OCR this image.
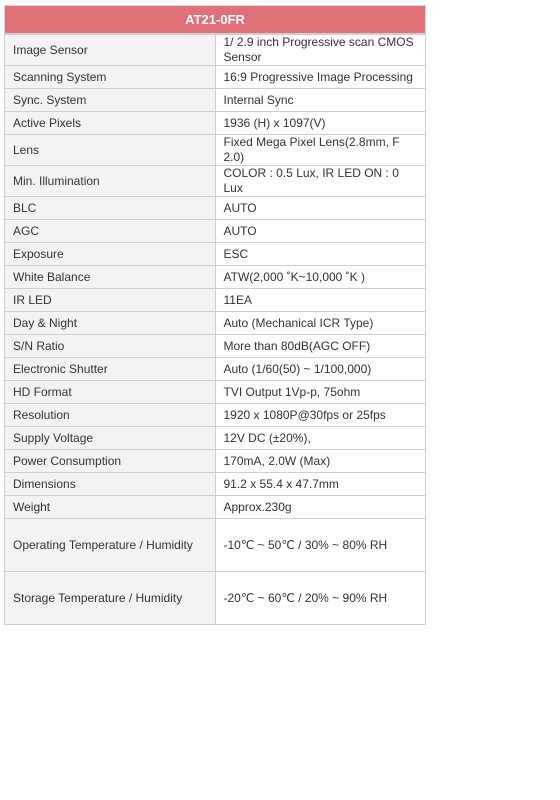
AT21-0FR	
Image Sensor	1/ 2.9 inch Progressive scan CMOS Sensor
Scanning System	16:9 Progressive Image Processing
Sync. System	Internal Sync
Active Pixels	1936 (H) x 1097(V)
Lens	Fixed Mega Pixel Lens(2.8mm, F 2.0)
Min. Illumination	COLOR : 0.5 Lux, IR LED ON : 0 Lux
BLC	AUTO
AGC	AUTO
Exposure	ESC
White Balance	ATW(2,000 ˚K~10,000 ˚K )
IR LED	11EA
Day & Night	Auto (Mechanical ICR Type)
S/N Ratio	More than 80dB(AGC OFF)
Electronic Shutter	Auto (1/60(50) ~ 1/100,000)
HD Format	TVI Output 1Vp-p, 75ohm
Resolution	1920 x 1080P@30fps or 25fps
Supply Voltage	12V DC (±20%),
Power Consumption	170mA, 2.0W (Max)
Dimensions	91.2 x 55.4 x 47.7mm
Weight	Approx.230g
Operating Temperature / Humidity	-10℃ ~ 50℃ / 30% ~ 80% RH
Storage Temperature / Humidity	-20℃ ~ 60℃ / 20% ~ 90% RH
